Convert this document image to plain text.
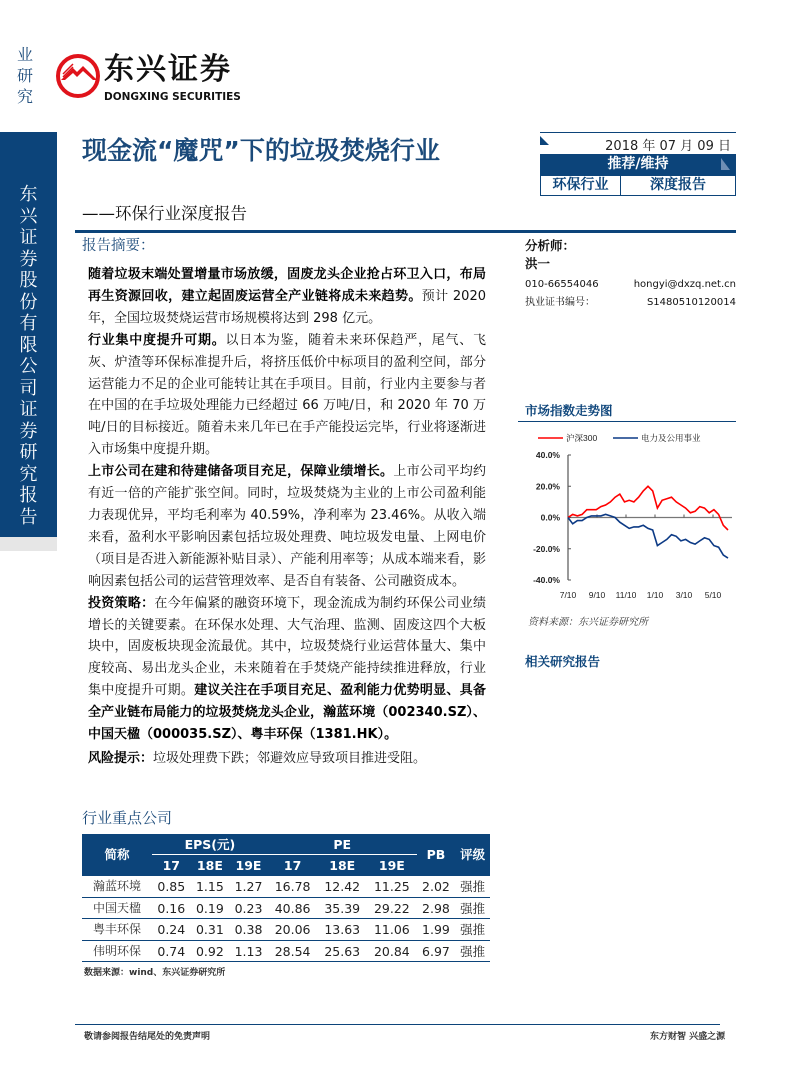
业研究
东兴证券股份有限公司证券研究报告
东兴证券
DONGXING SECURITIES
现金流“魔咒”下的垃圾焚烧行业
——环保行业深度报告
2018 年 07 月 09 日
推荐/维持
环保行业	深度报告
报告摘要：

随着垃圾末端处置增量市场放缓，固废龙头企业抢占环卫入口，布局再生资源回收，建立起固废运营全产业链将成未来趋势。预计 2020 年，全国垃圾焚烧运营市场规模将达到 298 亿元。

行业集中度提升可期。以日本为鉴，随着未来环保趋严，尾气、飞灰、炉渣等环保标准提升后，将挤压低价中标项目的盈利空间，部分运营能力不足的企业可能转让其在手项目。目前，行业内主要参与者在中国的在手垃圾处理能力已经超过 66 万吨/日，和 2020 年 70 万吨/日的目标接近。随着未来几年已在手产能投运完毕，行业将逐渐进入市场集中度提升期。

上市公司在建和待建储备项目充足，保障业绩增长。上市公司平均约有近一倍的产能扩张空间。同时，垃圾焚烧为主业的上市公司盈利能力表现优异，平均毛利率为 40.59%，净利率为 23.46%。从收入端来看，盈利水平影响因素包括垃圾处理费、吨垃圾发电量、上网电价（项目是否进入新能源补贴目录）、产能利用率等；从成本端来看，影响因素包括公司的运营管理效率、是否自有装备、公司融资成本。

投资策略：在今年偏紧的融资环境下，现金流成为制约环保公司业绩增长的关键要素。在环保水处理、大气治理、监测、固废这四个大板块中，固废板块现金流最优。其中，垃圾焚烧行业运营体量大、集中度较高、易出龙头企业，未来随着在手焚烧产能持续推进释放，行业集中度提升可期。建议关注在手项目充足、盈利能力优势明显、具备全产业链布局能力的垃圾焚烧龙头企业，瀚蓝环境（002340.SZ）、中国天楹（000035.SZ）、粤丰环保（1381.HK）。

风险提示：垃圾处理费下跌；邻避效应导致项目推进受阻。

行业重点公司
简称	EPS(元)			PE			PB	评级
	17	18E	19E	17	18E	19E		
瀚蓝环境	0.85	1.15	1.27	16.78	12.42	11.25	2.02	强推
中国天楹	0.16	0.19	0.23	40.86	35.39	29.22	2.98	强推
粤丰环保	0.24	0.31	0.38	20.06	13.63	11.06	1.99	强推
伟明环保	0.74	0.92	1.13	28.54	25.63	20.84	6.97	强推
数据来源：wind、东兴证券研究所
分析师：
洪一
010-66554046	hongyi@dxzq.net.cn
执业证书编号：	S1480510120014
市场指数走势图
40.0%
20.0%
0.0%
-20.0%
-40.0%
7/10 9/10 11/10 1/10 3/10 5/10
沪深300	电力及公用事业
资料来源：东兴证券研究所
相关研究报告
敬请参阅报告结尾处的免责声明	东方财智 兴盛之源
